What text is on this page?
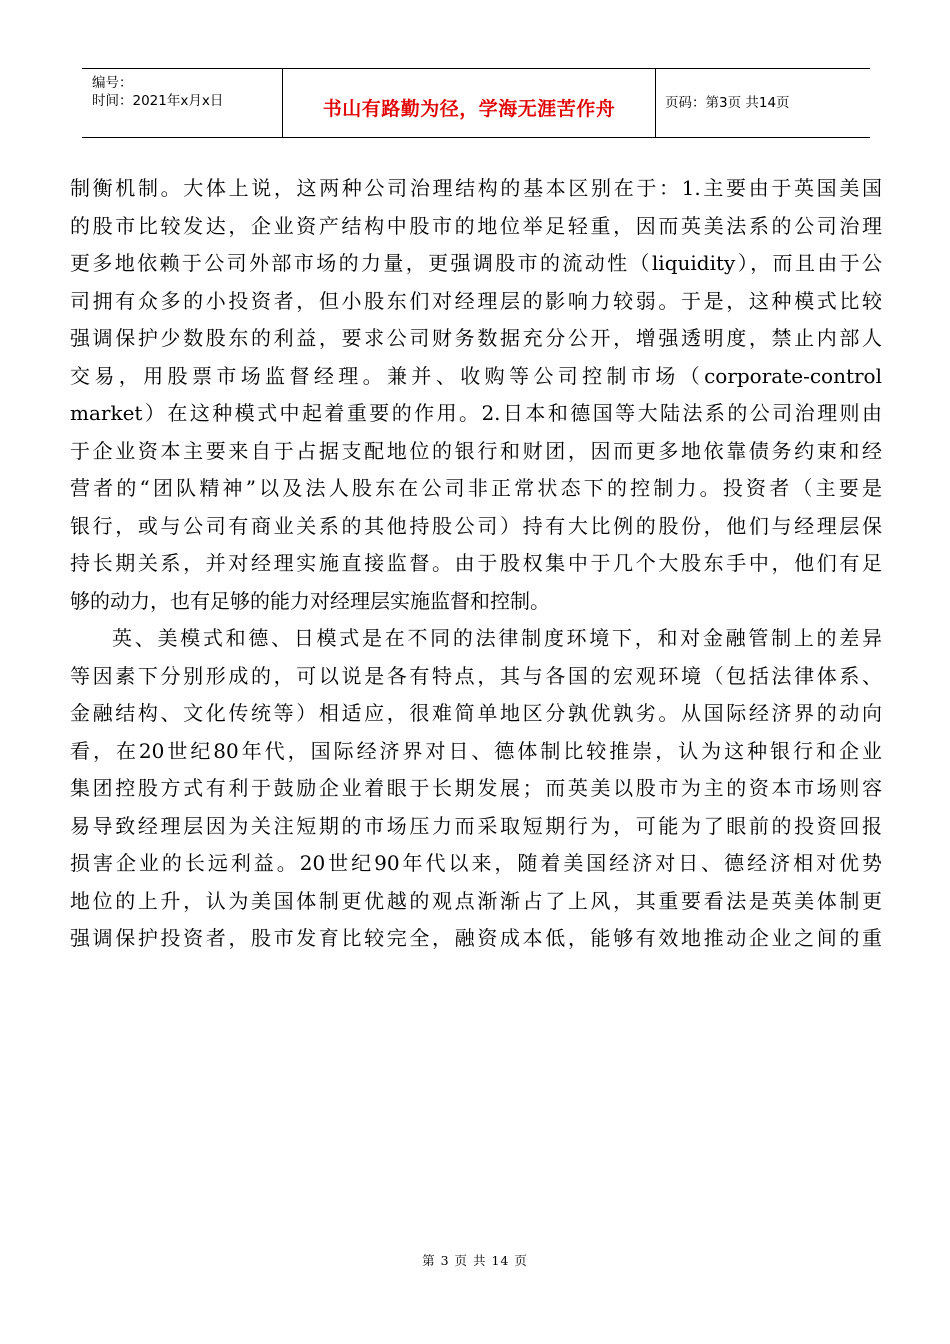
编号：
时间：2021年x月x日	书山有路勤为径，学海无涯苦作舟	页码：第3页 共14页
制衡机制。大体上说，这两种公司治理结构的基本区别在于：1.主要由于英国美国
的股市比较发达，企业资产结构中股市的地位举足轻重，因而英美法系的公司治理
更多地依赖于公司外部市场的力量，更强调股市的流动性（liquidity），而且由于公
司拥有众多的小投资者，但小股东们对经理层的影响力较弱。于是，这种模式比较
强调保护少数股东的利益，要求公司财务数据充分公开，增强透明度，禁止内部人
交易，用股票市场监督经理。兼并、收购等公司控制市场（corporate-control
market）在这种模式中起着重要的作用。2.日本和德国等大陆法系的公司治理则由
于企业资本主要来自于占据支配地位的银行和财团，因而更多地依靠债务约束和经
营者的“团队精神”以及法人股东在公司非正常状态下的控制力。投资者（主要是
银行，或与公司有商业关系的其他持股公司）持有大比例的股份，他们与经理层保
持长期关系，并对经理实施直接监督。由于股权集中于几个大股东手中，他们有足
够的动力，也有足够的能力对经理层实施监督和控制。
英、美模式和德、日模式是在不同的法律制度环境下，和对金融管制上的差异
等因素下分别形成的，可以说是各有特点，其与各国的宏观环境（包括法律体系、
金融结构、文化传统等）相适应，很难简单地区分孰优孰劣。从国际经济界的动向
看，在20世纪80年代，国际经济界对日、德体制比较推崇，认为这种银行和企业
集团控股方式有利于鼓励企业着眼于长期发展；而英美以股市为主的资本市场则容
易导致经理层因为关注短期的市场压力而采取短期行为，可能为了眼前的投资回报
损害企业的长远利益。20世纪90年代以来，随着美国经济对日、德经济相对优势
地位的上升，认为美国体制更优越的观点渐渐占了上风，其重要看法是英美体制更
强调保护投资者，股市发育比较完全，融资成本低，能够有效地推动企业之间的重
第 3 页 共 14 页
